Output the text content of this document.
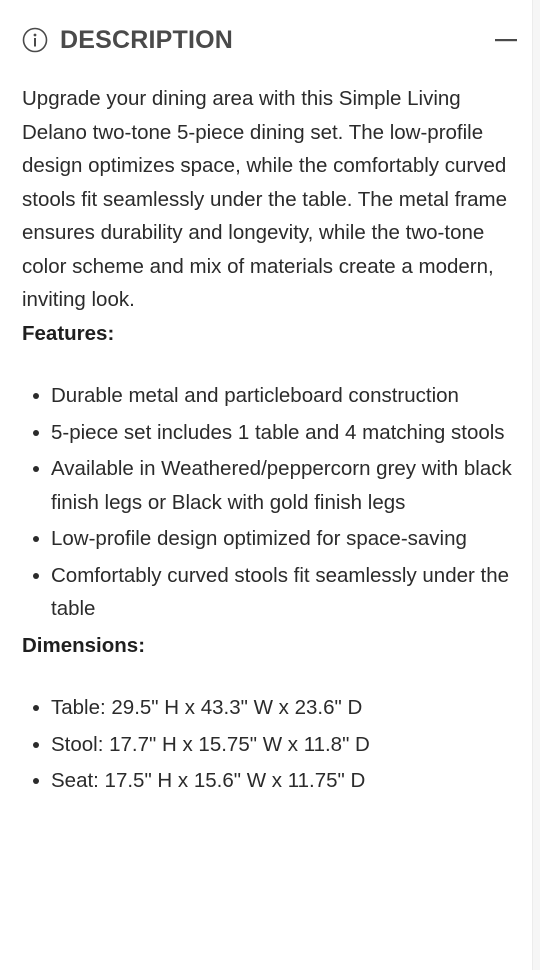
DESCRIPTION

Upgrade your dining area with this Simple Living Delano two-tone 5-piece dining set. The low-profile design optimizes space, while the comfortably curved stools fit seamlessly under the table. The metal frame ensures durability and longevity, while the two-tone color scheme and mix of materials create a modern, inviting look.

Features:

Durable metal and particleboard construction
5-piece set includes 1 table and 4 matching stools
Available in Weathered/peppercorn grey with black finish legs or Black with gold finish legs
Low-profile design optimized for space-saving
Comfortably curved stools fit seamlessly under the table

Dimensions:

Table: 29.5" H x 43.3" W x 23.6" D
Stool: 17.7" H x 15.75" W x 11.8" D
Seat: 17.5" H x 15.6" W x 11.75" D
